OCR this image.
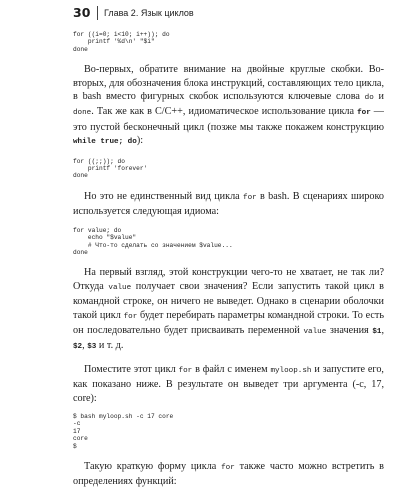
30	Глава 2. Язык циклов
for ((i=0; i<10; i++)); do
printf '%d\n' "$i"
done

Во-первых, обратите внимание на двойные круглые скобки. Во-вторых, для обозначения блока инструкций, составляющих тело цикла, в bash вместо фигурных скобок используются ключевые слова do и done. Так же как в C/C++, идиоматическое использование цикла for — это пустой бесконечный цикл (позже мы также покажем конструкцию while true; do):

for ((;;)); do
printf 'forever'
done

Но это не единственный вид цикла for в bash. В сценариях широко используется следующая идиома:

for value; do
echo "$value"
# Что-то сделать со значением $value...
done

На первый взгляд, этой конструкции чего-то не хватает, не так ли? Откуда value получает свои значения? Если запустить такой цикл в командной строке, он ничего не выведет. Однако в сценарии оболочки такой цикл for будет перебирать параметры командной строки. То есть он последовательно будет присваивать переменной value значения $1, $2, $3 и т. д.

Поместите этот цикл for в файл с именем myloop.sh и запустите его, как показано ниже. В результате он выведет три аргумента (-c, 17, core):

$ bash myloop.sh -c 17 core
-c
17
core
$

Такую краткую форму цикла for также часто можно встретить в определениях функций:
